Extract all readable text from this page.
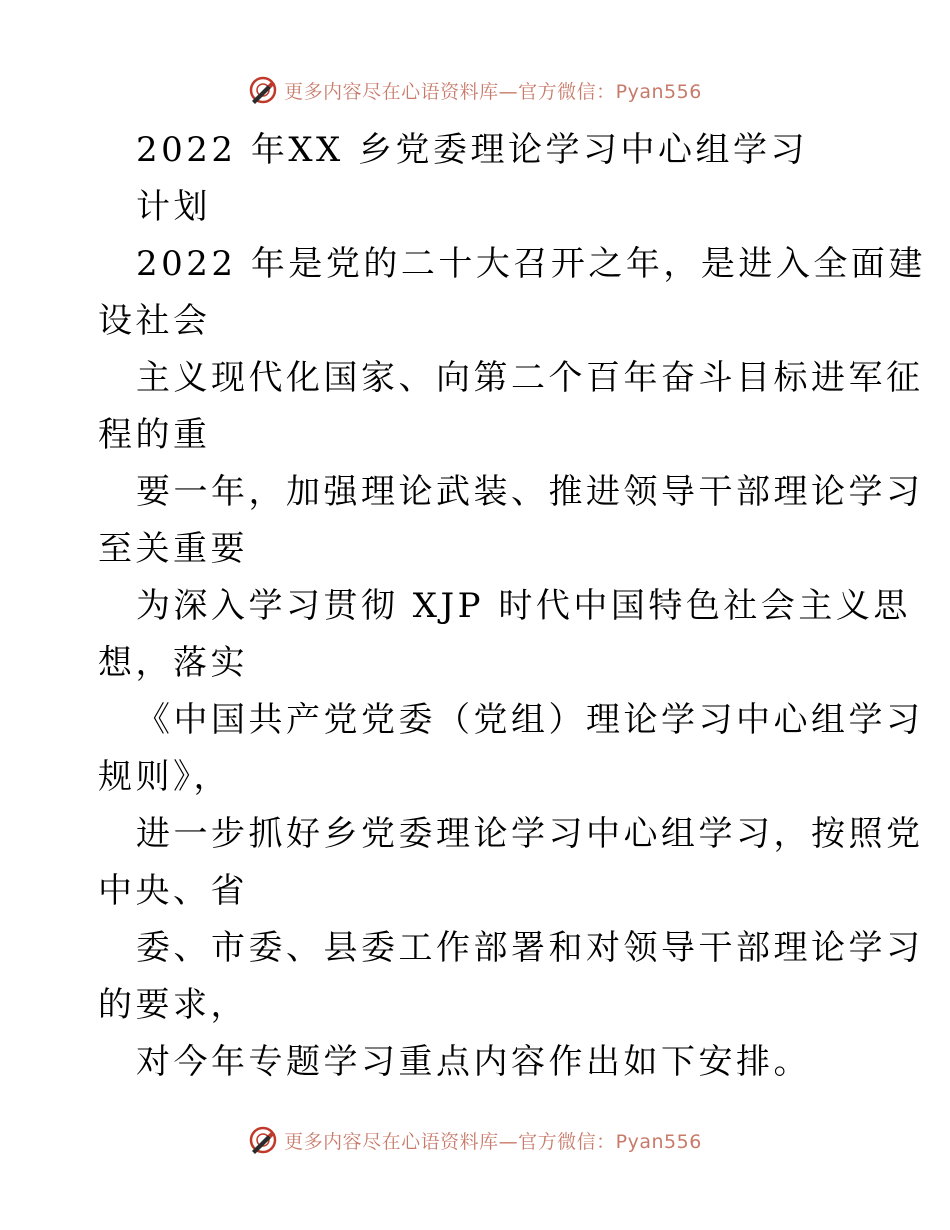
更多内容尽在心语资料库—官方微信：Pyan556
2022 年XX 乡党委理论学习中心组学习
计划
2022 年是党的二十大召开之年，是进入全面建
设社会
主义现代化国家、向第二个百年奋斗目标进军征
程的重
要一年，加强理论武装、推进领导干部理论学习
至关重要
为深入学习贯彻 XJP 时代中国特色社会主义思
想，落实
《中国共产党党委（党组）理论学习中心组学习
规则》，
进一步抓好乡党委理论学习中心组学习，按照党
中央、省
委、市委、县委工作部署和对领导干部理论学习
的要求，
对今年专题学习重点内容作出如下安排。
更多内容尽在心语资料库—官方微信：Pyan556
